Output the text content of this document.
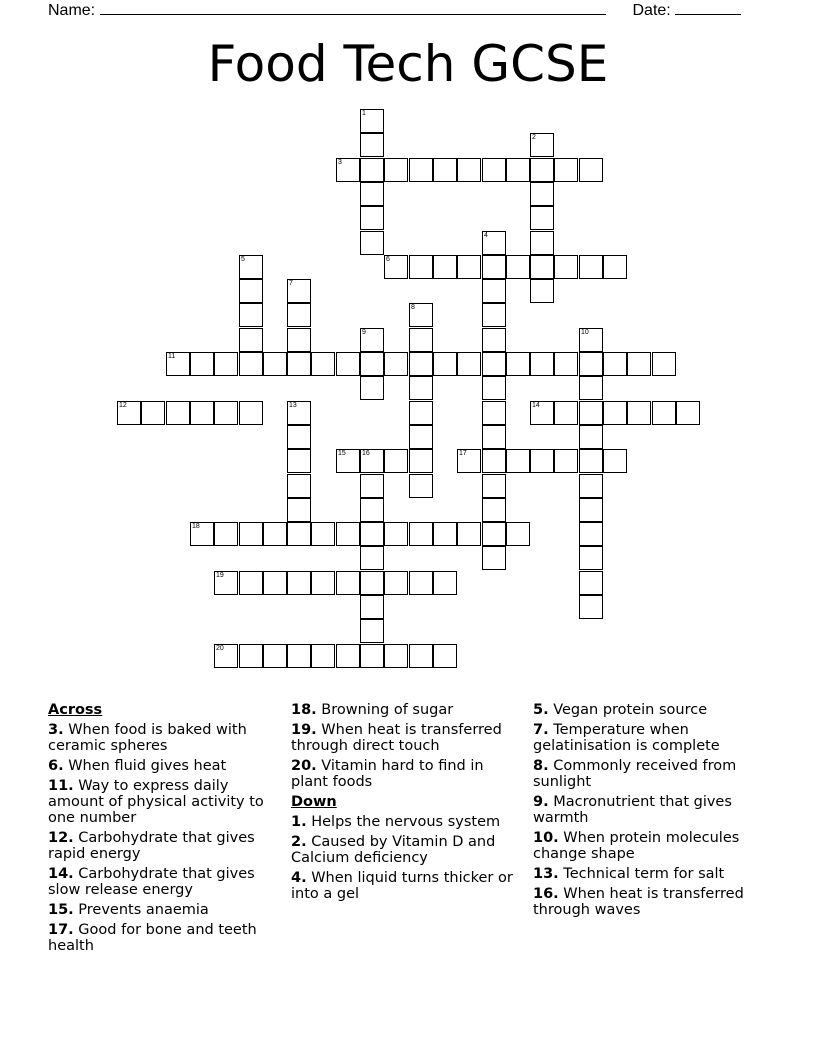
Name:	Date:
Food Tech GCSE
1
2
3
4
5	6
7
8
9	10
11
12	13	14
15 16	17
18
19
20
Across
3. When food is baked with ceramic spheres
6. When fluid gives heat
11. Way to express daily amount of physical activity to one number
12. Carbohydrate that gives rapid energy
14. Carbohydrate that gives slow release energy
15. Prevents anaemia
17. Good for bone and teeth health
18. Browning of sugar
19. When heat is transferred through direct touch
20. Vitamin hard to find in plant foods
Down
1. Helps the nervous system
2. Caused by Vitamin D and Calcium deficiency
4. When liquid turns thicker or into a gel
5. Vegan protein source
7. Temperature when gelatinisation is complete
8. Commonly received from sunlight
9. Macronutrient that gives warmth
10. When protein molecules change shape
13. Technical term for salt
16. When heat is transferred through waves
